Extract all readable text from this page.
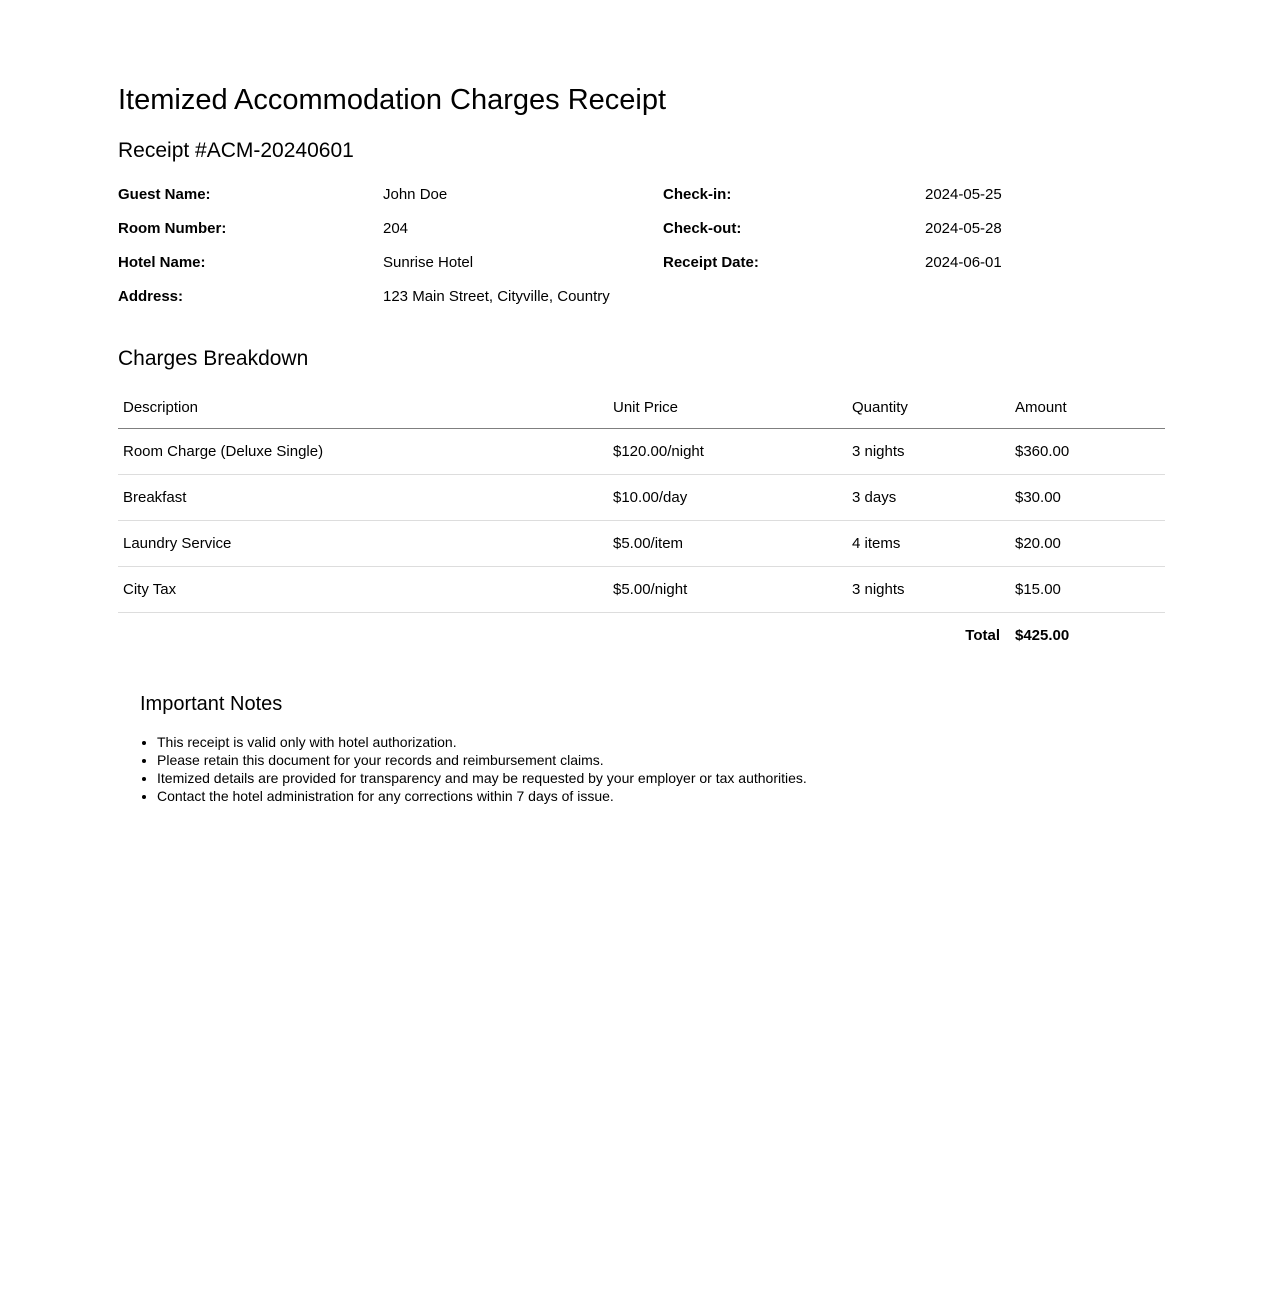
Itemized Accommodation Charges Receipt
Receipt #ACM-20240601
Guest Name:	John Doe	Check-in:	2024-05-25
Room Number:	204	Check-out:	2024-05-28
Hotel Name:	Sunrise Hotel	Receipt Date:	2024-06-01
Address:	123 Main Street, Cityville, Country
Charges Breakdown
Description	Unit Price	Quantity	Amount
Room Charge (Deluxe Single)	$120.00/night	3 nights	$360.00
Breakfast	$10.00/day	3 days	$30.00
Laundry Service	$5.00/item	4 items	$20.00
City Tax	$5.00/night	3 nights	$15.00
Total			$425.00
Important Notes
• This receipt is valid only with hotel authorization.
• Please retain this document for your records and reimbursement claims.
• Itemized details are provided for transparency and may be requested by your employer or tax authorities.
• Contact the hotel administration for any corrections within 7 days of issue.
